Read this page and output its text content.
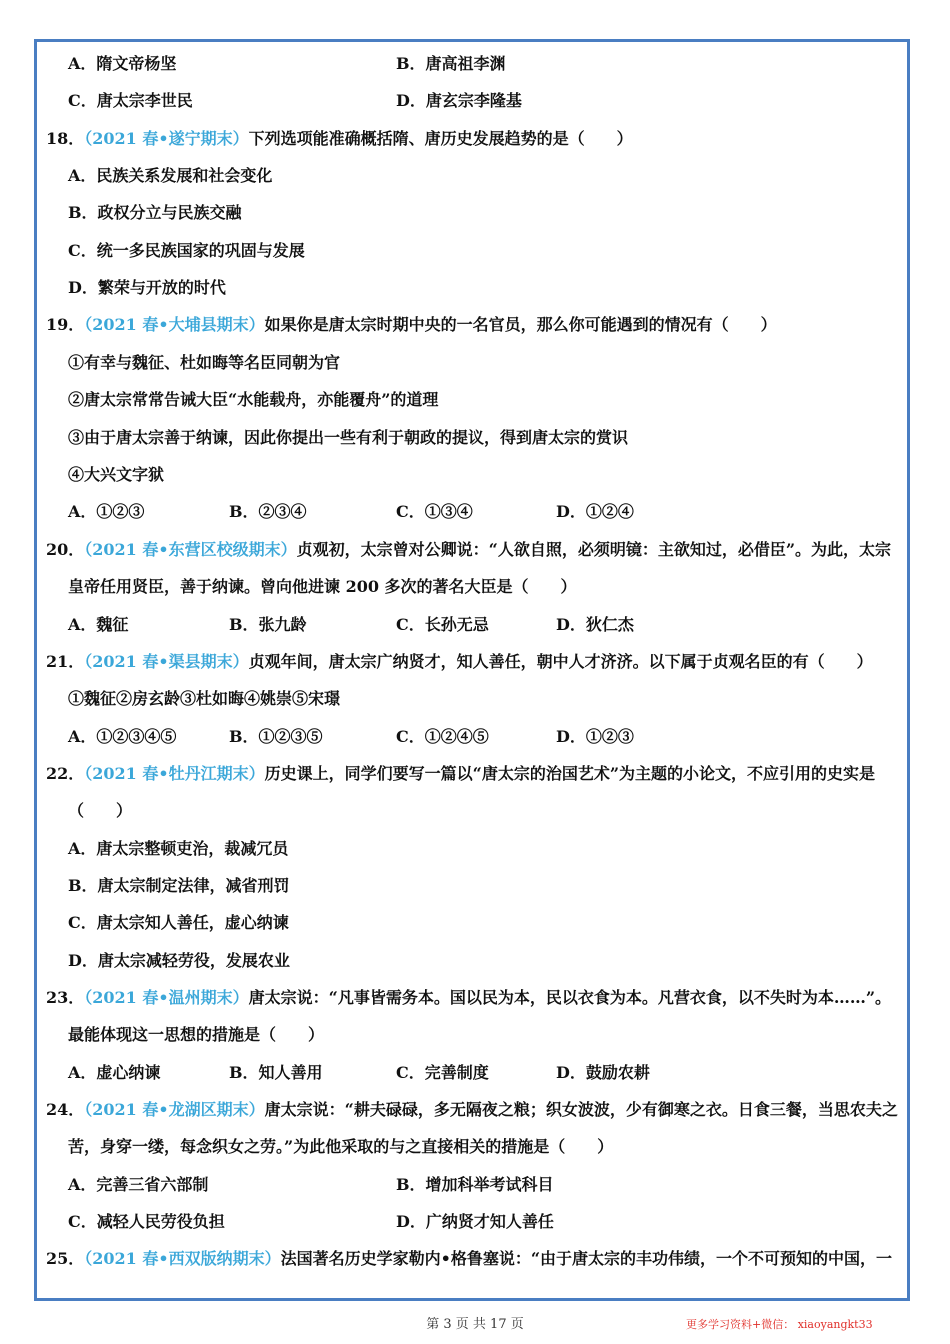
A．隋文帝杨坚	B．唐高祖李渊
C．唐太宗李世民	D．唐玄宗李隆基
18．（2021 春•遂宁期末）下列选项能准确概括隋、唐历史发展趋势的是（　　）
A．民族关系发展和社会变化
B．政权分立与民族交融
C．统一多民族国家的巩固与发展
D．繁荣与开放的时代
19．（2021 春•大埔县期末）如果你是唐太宗时期中央的一名官员，那么你可能遇到的情况有（　　）
①有幸与魏征、杜如晦等名臣同朝为官
②唐太宗常常告诫大臣“水能载舟，亦能覆舟”的道理
③由于唐太宗善于纳谏，因此你提出一些有利于朝政的提议，得到唐太宗的赏识
④大兴文字狱
A．①②③	B．②③④	C．①③④	D．①②④
20．（2021 春•东营区校级期末）贞观初，太宗曾对公卿说：“人欲自照，必须明镜：主欲知过，必借臣”。为此，太宗
皇帝任用贤臣，善于纳谏。曾向他进谏 200 多次的著名大臣是（　　）
A．魏征	B．张九龄	C．长孙无忌	D．狄仁杰
21．（2021 春•渠县期末）贞观年间，唐太宗广纳贤才，知人善任，朝中人才济济。以下属于贞观名臣的有（　　）
①魏征②房玄龄③杜如晦④姚崇⑤宋璟
A．①②③④⑤	B．①②③⑤	C．①②④⑤	D．①②③
22．（2021 春•牡丹江期末）历史课上，同学们要写一篇以“唐太宗的治国艺术”为主题的小论文，不应引用的史实是
（　　）
A．唐太宗整顿吏治，裁减冗员
B．唐太宗制定法律，减省刑罚
C．唐太宗知人善任，虚心纳谏
D．唐太宗减轻劳役，发展农业
23．（2021 春•温州期末）唐太宗说：“凡事皆需务本。国以民为本，民以衣食为本。凡营衣食，以不失时为本……”。
最能体现这一思想的措施是（　　）
A．虚心纳谏	B．知人善用	C．完善制度	D．鼓励农耕
24．（2021 春•龙湖区期末）唐太宗说：“耕夫碌碌，多无隔夜之粮；织女波波，少有御寒之衣。日食三餐，当思农夫之
苦，身穿一缕，每念织女之劳。”为此他采取的与之直接相关的措施是（　　）
A．完善三省六部制	B．增加科举考试科目
C．减轻人民劳役负担	D．广纳贤才知人善任
25．（2021 春•西双版纳期末）法国著名历史学家勒内•格鲁塞说：“由于唐太宗的丰功伟绩，一个不可预知的中国，一
第 3 页 共 17 页	更多学习资料+微信： xiaoyangkt33
